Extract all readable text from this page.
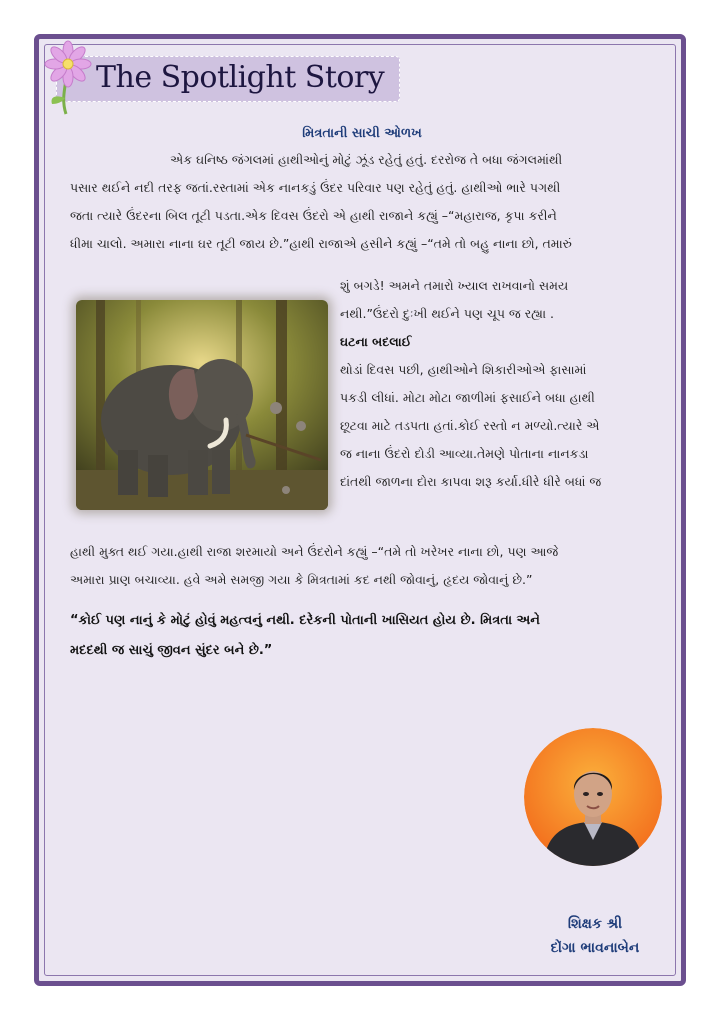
The Spotlight Story
મિત્રતાની સાચી ઓળખ
એક ઘનિષ્ઠ જંગલમાં હાથીઓનું મોટું ઝૂંડ રહેતું હતું. દરરોજ તે બધા જંગલમાંથી
પસાર થઈને નદી તરફ જતાં.રસ્તામાં એક નાનકડું ઉંદર પરિવાર પણ રહેતું હતું. હાથીઓ ભારે પગથી
જતા ત્યારે ઉંદરના બિલ તૂટી પડતા.એક દિવસ ઉંદરો એ હાથી રાજાને કહ્યું –“મહારાજ, કૃપા કરીને
ધીમા ચાલો. અમારા નાના ઘર તૂટી જાય છે.”હાથી રાજાએ હસીને કહ્યું –“તમે તો બહુ નાના છો, તમારું
શું બગડે! અમને તમારો ખ્યાલ રાખવાનો સમય
નથી.”ઉંદરો દુઃખી થઈને પણ ચૂપ જ રહ્યા .
ઘટના બદલાઈ
થોડાં દિવસ પછી, હાથીઓને શિકારીઓએ ફાસામાં
પકડી લીધાં. મોટા મોટા જાળીમાં ફસાઈને બધા હાથી
છૂટવા માટે તડપતા હતાં.કોઈ રસ્તો ન મળ્યો.ત્યારે એ
જ નાના ઉંદરો દોડી આવ્યા.તેમણે પોતાના નાનકડા
દાંતથી જાળના દોરા કાપવા શરૂ કર્યા.ધીરે ધીરે બધાં જ
હાથી મુક્ત થઈ ગયા.હાથી રાજા શરમાયો અને ઉંદરોને કહ્યું –“તમે તો ખરેખર નાના છો, પણ આજે
અમારા પ્રાણ બચાવ્યા. હવે અમે સમજી ગયા કે મિત્રતામાં કદ નથી જોવાનું, હૃદય જોવાનું છે.”
“કોઈ પણ નાનું કે મોટું હોવું મહત્વનું નથી. દરેકની પોતાની ખાસિયત હોય છે. મિત્રતા અને
મદદથી જ સાચું જીવન સુંદર બને છે.”
શિક્ષક શ્રી
દોંગા ભાવનાબેન
